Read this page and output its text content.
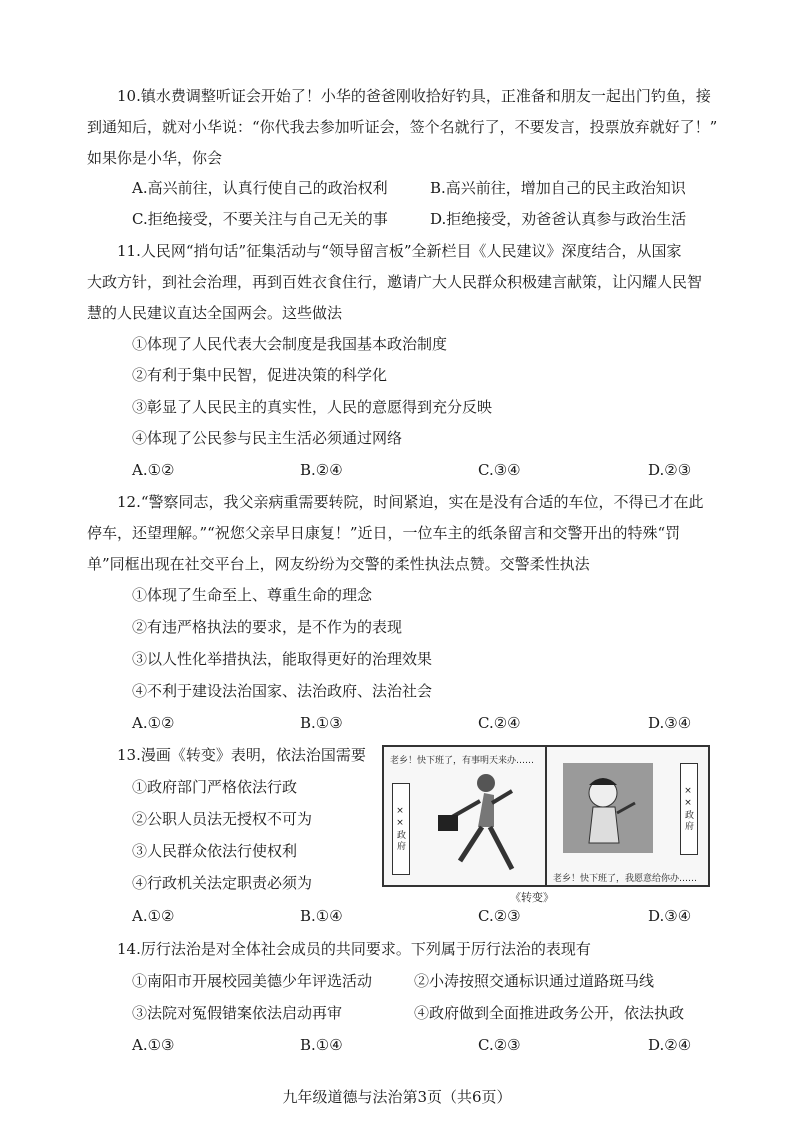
10.镇水费调整听证会开始了！小华的爸爸刚收拾好钓具，正准备和朋友一起出门钓鱼，接
到通知后，就对小华说：“你代我去参加听证会，签个名就行了，不要发言，投票放弃就好了！”
如果你是小华，你会
A.高兴前往，认真行使自己的政治权利	B.高兴前往，增加自己的民主政治知识
C.拒绝接受，不要关注与自己无关的事	D.拒绝接受，劝爸爸认真参与政治生活
11.人民网“捎句话”征集活动与“领导留言板”全新栏目《人民建议》深度结合，从国家
大政方针，到社会治理，再到百姓衣食住行，邀请广大人民群众积极建言献策，让闪耀人民智
慧的人民建议直达全国两会。这些做法
①体现了人民代表大会制度是我国基本政治制度
②有利于集中民智，促进决策的科学化
③彰显了人民民主的真实性，人民的意愿得到充分反映
④体现了公民参与民主生活必须通过网络
A.①②	B.②④	C.③④	D.②③
12.“警察同志，我父亲病重需要转院，时间紧迫，实在是没有合适的车位，不得已才在此
停车，还望理解。”“祝您父亲早日康复！”近日，一位车主的纸条留言和交警开出的特殊“罚
单”同框出现在社交平台上，网友纷纷为交警的柔性执法点赞。交警柔性执法
①体现了生命至上、尊重生命的理念
②有违严格执法的要求，是不作为的表现
③以人性化举措执法，能取得更好的治理效果
④不利于建设法治国家、法治政府、法治社会
A.①②	B.①③	C.②④	D.③④
13.漫画《转变》表明，依法治国需要
①政府部门严格依法行政
②公职人员法无授权不可为
③人民群众依法行使权利
④行政机关法定职责必须为
A.①②	B.①④	C.②③	D.③④
老乡！快下班了，有事明天来办……
××政府	××政府
老乡！快下班了，我愿意给你办……
《转变》
14.厉行法治是对全体社会成员的共同要求。下列属于厉行法治的表现有
①南阳市开展校园美德少年评选活动	②小涛按照交通标识通过道路斑马线
③法院对冤假错案依法启动再审	④政府做到全面推进政务公开，依法执政
A.①③	B.①④	C.②③	D.②④
九年级道德与法治第3页（共6页）
